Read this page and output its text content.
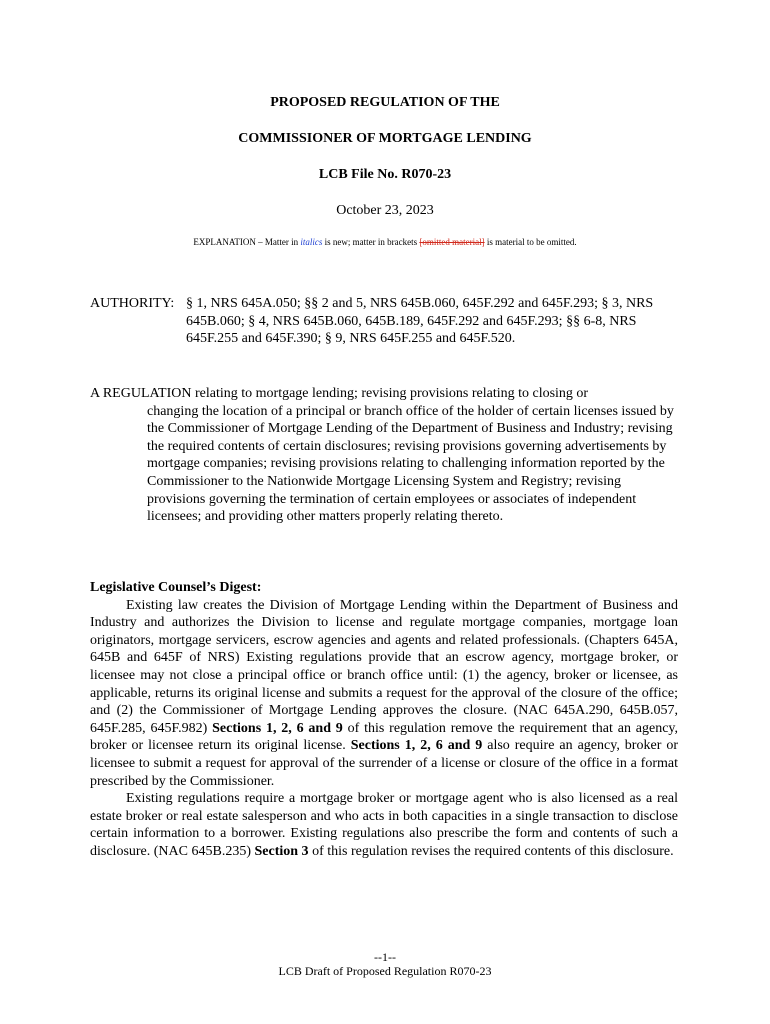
PROPOSED REGULATION OF THE
COMMISSIONER OF MORTGAGE LENDING
LCB File No. R070-23
October 23, 2023
EXPLANATION – Matter in italics is new; matter in brackets [omitted material] is material to be omitted.
AUTHORITY: § 1, NRS 645A.050; §§ 2 and 5, NRS 645B.060, 645F.292 and 645F.293; § 3, NRS 645B.060; § 4, NRS 645B.060, 645B.189, 645F.292 and 645F.293; §§ 6-8, NRS 645F.255 and 645F.390; § 9, NRS 645F.255 and 645F.520.
A REGULATION relating to mortgage lending; revising provisions relating to closing or
changing the location of a principal or branch office of the holder of certain licenses issued by the Commissioner of Mortgage Lending of the Department of Business and Industry; revising the required contents of certain disclosures; revising provisions governing advertisements by mortgage companies; revising provisions relating to challenging information reported by the Commissioner to the Nationwide Mortgage Licensing System and Registry; revising provisions governing the termination of certain employees or associates of independent licensees; and providing other matters properly relating thereto.
Legislative Counsel’s Digest:

Existing law creates the Division of Mortgage Lending within the Department of Business and Industry and authorizes the Division to license and regulate mortgage companies, mortgage loan originators, mortgage servicers, escrow agencies and agents and related professionals. (Chapters 645A, 645B and 645F of NRS) Existing regulations provide that an escrow agency, mortgage broker, or licensee may not close a principal office or branch office until: (1) the agency, broker or licensee, as applicable, returns its original license and submits a request for the approval of the closure of the office; and (2) the Commissioner of Mortgage Lending approves the closure. (NAC 645A.290, 645B.057, 645F.285, 645F.982) Sections 1, 2, 6 and 9 of this regulation remove the requirement that an agency, broker or licensee return its original license. Sections 1, 2, 6 and 9 also require an agency, broker or licensee to submit a request for approval of the surrender of a license or closure of the office in a format prescribed by the Commissioner.

Existing regulations require a mortgage broker or mortgage agent who is also licensed as a real estate broker or real estate salesperson and who acts in both capacities in a single transaction to disclose certain information to a borrower. Existing regulations also prescribe the form and contents of such a disclosure. (NAC 645B.235) Section 3 of this regulation revises the required contents of this disclosure.

--1--
LCB Draft of Proposed Regulation R070-23
